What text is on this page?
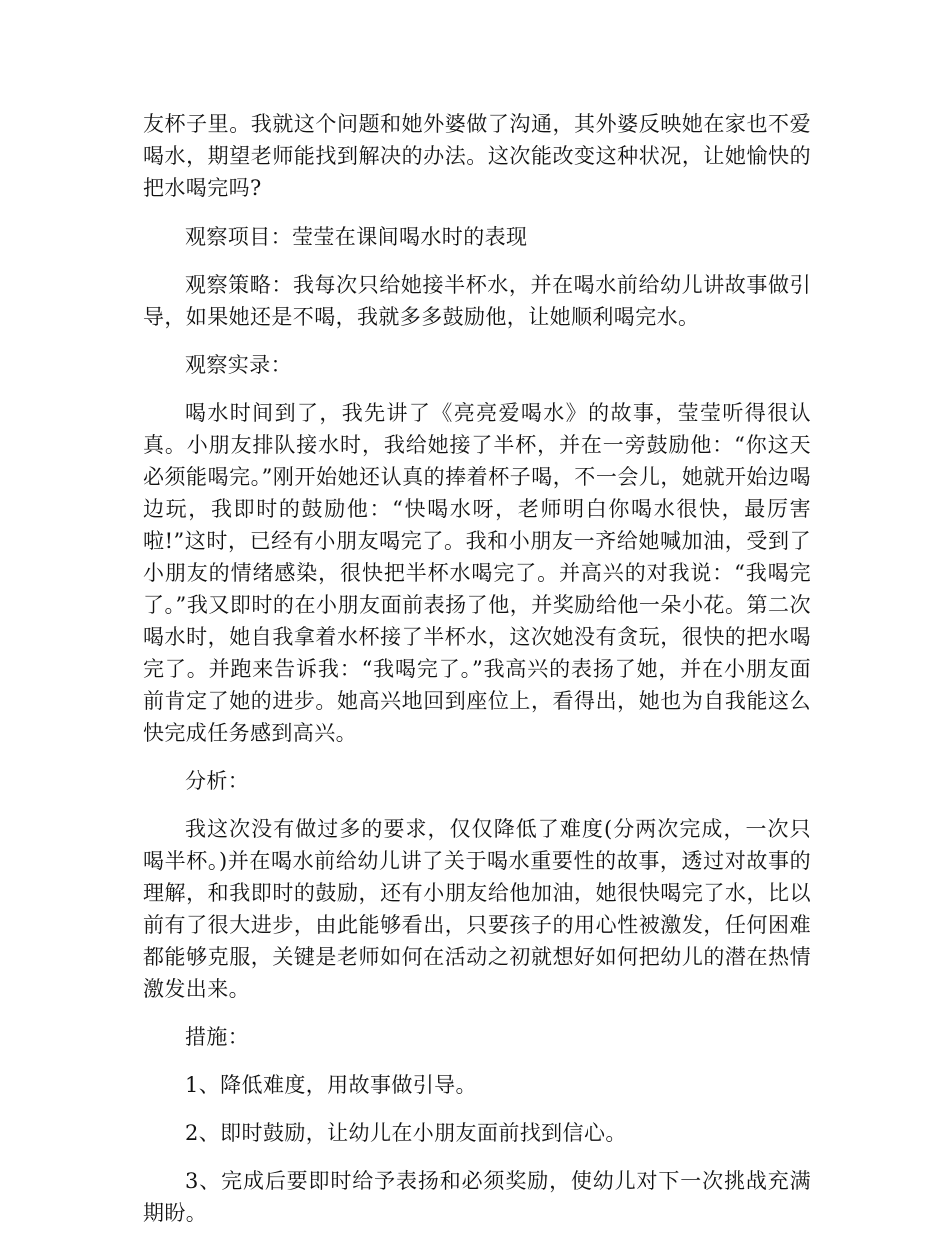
友杯子里。我就这个问题和她外婆做了沟通，其外婆反映她在家也不爱喝水，期望老师能找到解决的办法。这次能改变这种状况，让她愉快的把水喝完吗?

观察项目：莹莹在课间喝水时的表现

观察策略：我每次只给她接半杯水，并在喝水前给幼儿讲故事做引导，如果她还是不喝，我就多多鼓励他，让她顺利喝完水。

观察实录：

喝水时间到了，我先讲了《亮亮爱喝水》的故事，莹莹听得很认真。小朋友排队接水时，我给她接了半杯，并在一旁鼓励他：“你这天必须能喝完。”刚开始她还认真的捧着杯子喝，不一会儿，她就开始边喝边玩，我即时的鼓励他：“快喝水呀，老师明白你喝水很快，最厉害啦!”这时，已经有小朋友喝完了。我和小朋友一齐给她喊加油，受到了小朋友的情绪感染，很快把半杯水喝完了。并高兴的对我说：“我喝完了。”我又即时的在小朋友面前表扬了他，并奖励给他一朵小花。第二次喝水时，她自我拿着水杯接了半杯水，这次她没有贪玩，很快的把水喝完了。并跑来告诉我：“我喝完了。”我高兴的表扬了她，并在小朋友面前肯定了她的进步。她高兴地回到座位上，看得出，她也为自我能这么快完成任务感到高兴。

分析：

我这次没有做过多的要求，仅仅降低了难度(分两次完成，一次只喝半杯。)并在喝水前给幼儿讲了关于喝水重要性的故事，透过对故事的理解，和我即时的鼓励，还有小朋友给他加油，她很快喝完了水，比以前有了很大进步，由此能够看出，只要孩子的用心性被激发，任何困难都能够克服，关键是老师如何在活动之初就想好如何把幼儿的潜在热情激发出来。

措施：

1、降低难度，用故事做引导。

2、即时鼓励，让幼儿在小朋友面前找到信心。

3、完成后要即时给予表扬和必须奖励，使幼儿对下一次挑战充满期盼。
